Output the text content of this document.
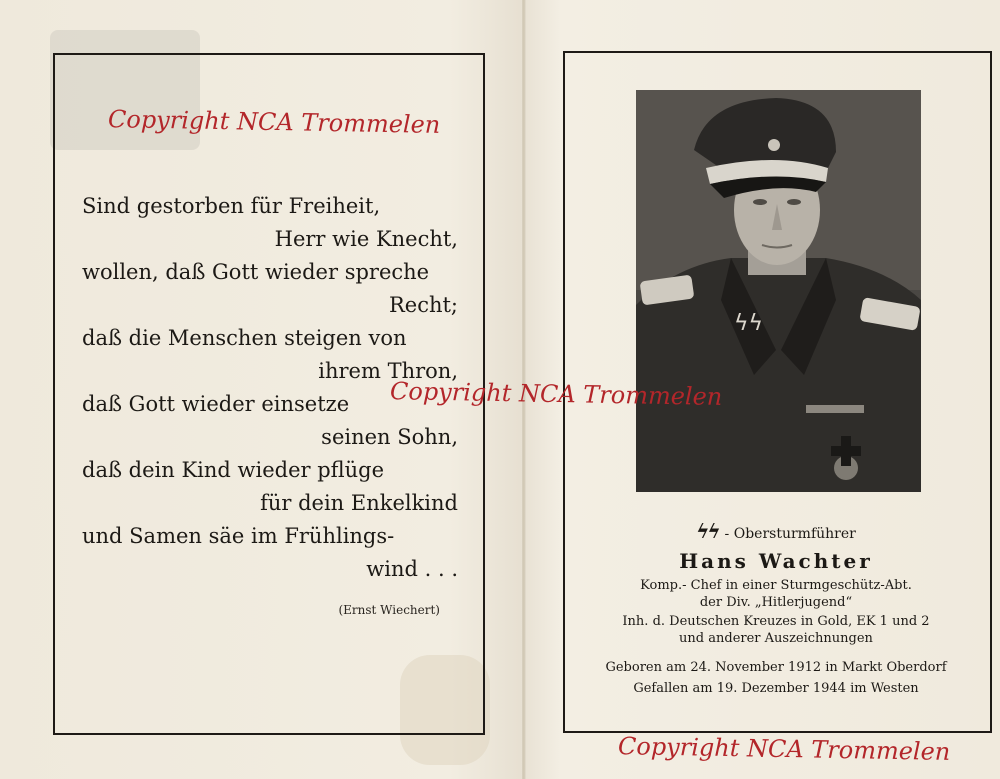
Sind gestorben für Freiheit,
Herr wie Knecht,
wollen, daß Gott wieder spreche
Recht;
daß die Menschen steigen von
ihrem Thron,
daß Gott wieder einsetze
seinen Sohn,
daß dein Kind wieder pflüge
für dein Enkelkind
und Samen säe im Frühlings-
wind . . .
(Ernst Wiechert)
ϟϟ
ϟϟ - Obersturmführer
Hans Wachter
Komp.- Chef in einer Sturmgeschütz-Abt.
der Div. „Hitlerjugend“
Inh. d. Deutschen Kreuzes in Gold, EK 1 und 2
und anderer Auszeichnungen
Geboren am 24. November 1912 in Markt Oberdorf
Gefallen am 19. Dezember 1944 im Westen
Copyright NCA Trommelen
Copyright NCA Trommelen
Copyright NCA Trommelen
